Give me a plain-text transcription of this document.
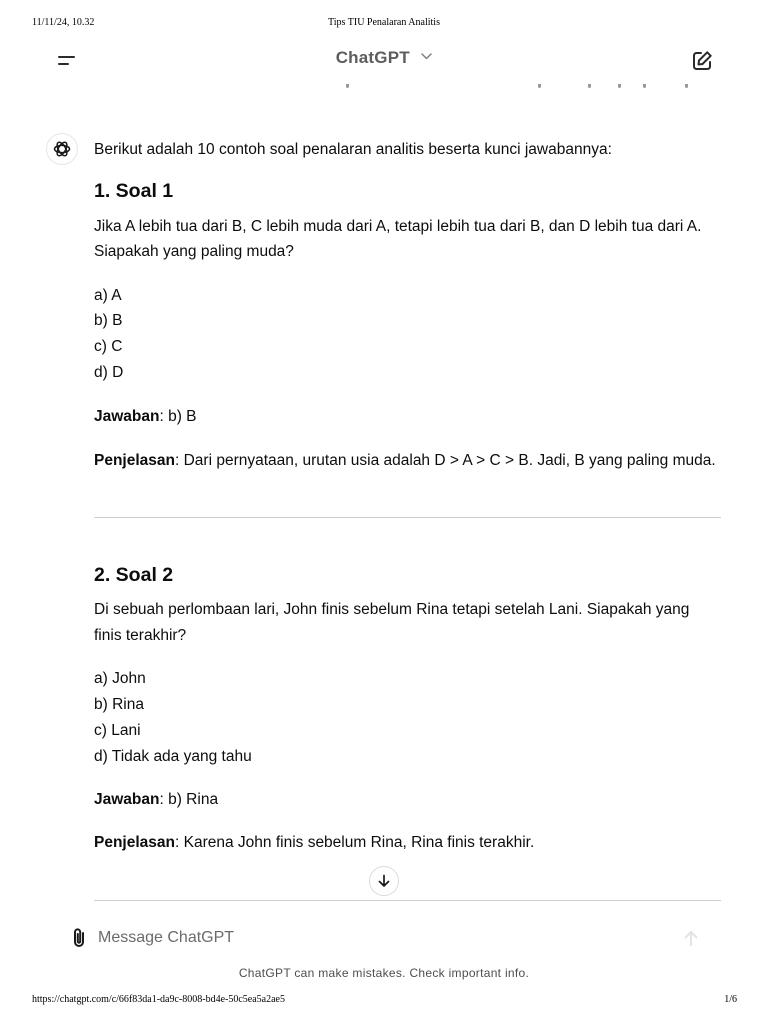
11/11/24, 10.32	Tips TIU Penalaran Analitis
ChatGPT

Berikut adalah 10 contoh soal penalaran analitis beserta kunci jawabannya:

1. Soal 1

Jika A lebih tua dari B, C lebih muda dari A, tetapi lebih tua dari B, dan D lebih tua dari A.

Siapakah yang paling muda?

a) A

b) B

c) C

d) D

Jawaban: b) B

Penjelasan: Dari pernyataan, urutan usia adalah D > A > C > B. Jadi, B yang paling muda.

2. Soal 2

Di sebuah perlombaan lari, John finis sebelum Rina tetapi setelah Lani. Siapakah yang

finis terakhir?

a) John

b) Rina

c) Lani

d) Tidak ada yang tahu

Jawaban: b) Rina

Penjelasan: Karena John finis sebelum Rina, Rina finis terakhir.

Message ChatGPT
ChatGPT can make mistakes. Check important info.
https://chatgpt.com/c/66f83da1-da9c-8008-bd4e-50c5ea5a2ae5	1/6
